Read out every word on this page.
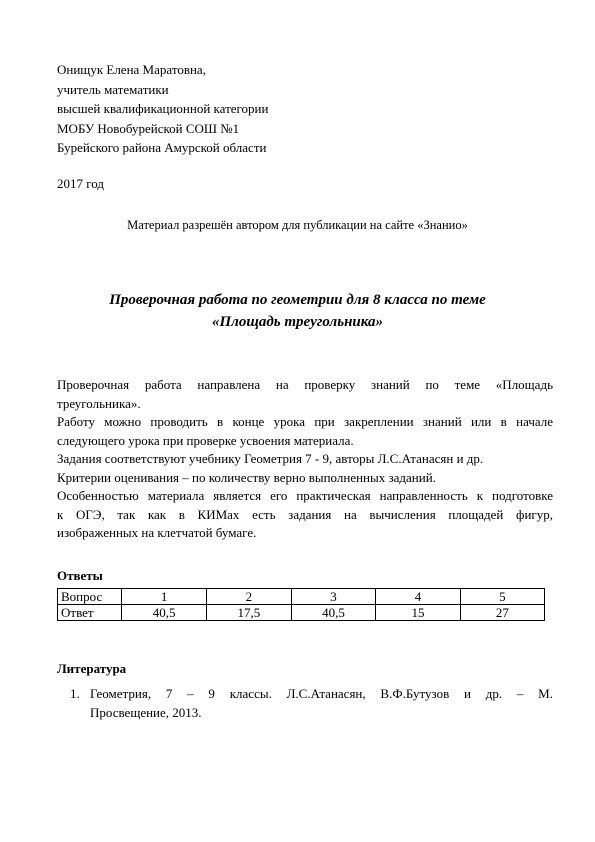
Онищук Елена Маратовна,
учитель математики
высшей квалификационной категории
МОБУ Новобурейской СОШ №1
Бурейского района Амурской области
2017 год
Материал разрешён автором для публикации на сайте «Знанио»
Проверочная работа по геометрии для 8 класса по теме
«Площадь треугольника»

Проверочная работа направлена на проверку знаний по теме «Площадь

треугольника».

Работу можно проводить в конце урока при закреплении знаний или в начале

следующего урока при проверке усвоения материала.

Задания соответствуют учебнику Геометрия 7 - 9, авторы Л.С.Атанасян и др.

Критерии оценивания – по количеству верно выполненных заданий.

Особенностью материала является его практическая направленность к подготовке

к ОГЭ, так как в КИМах есть задания на вычисления площадей фигур,

изображенных на клетчатой бумаге.

Ответы
Вопрос	1	2	3	4	5
Ответ	40,5	17,5	40,5	15	27
Литература
1. Геометрия, 7 – 9 классы. Л.С.Атанасян, В.Ф.Бутузов и др. – М.
Просвещение, 2013.
